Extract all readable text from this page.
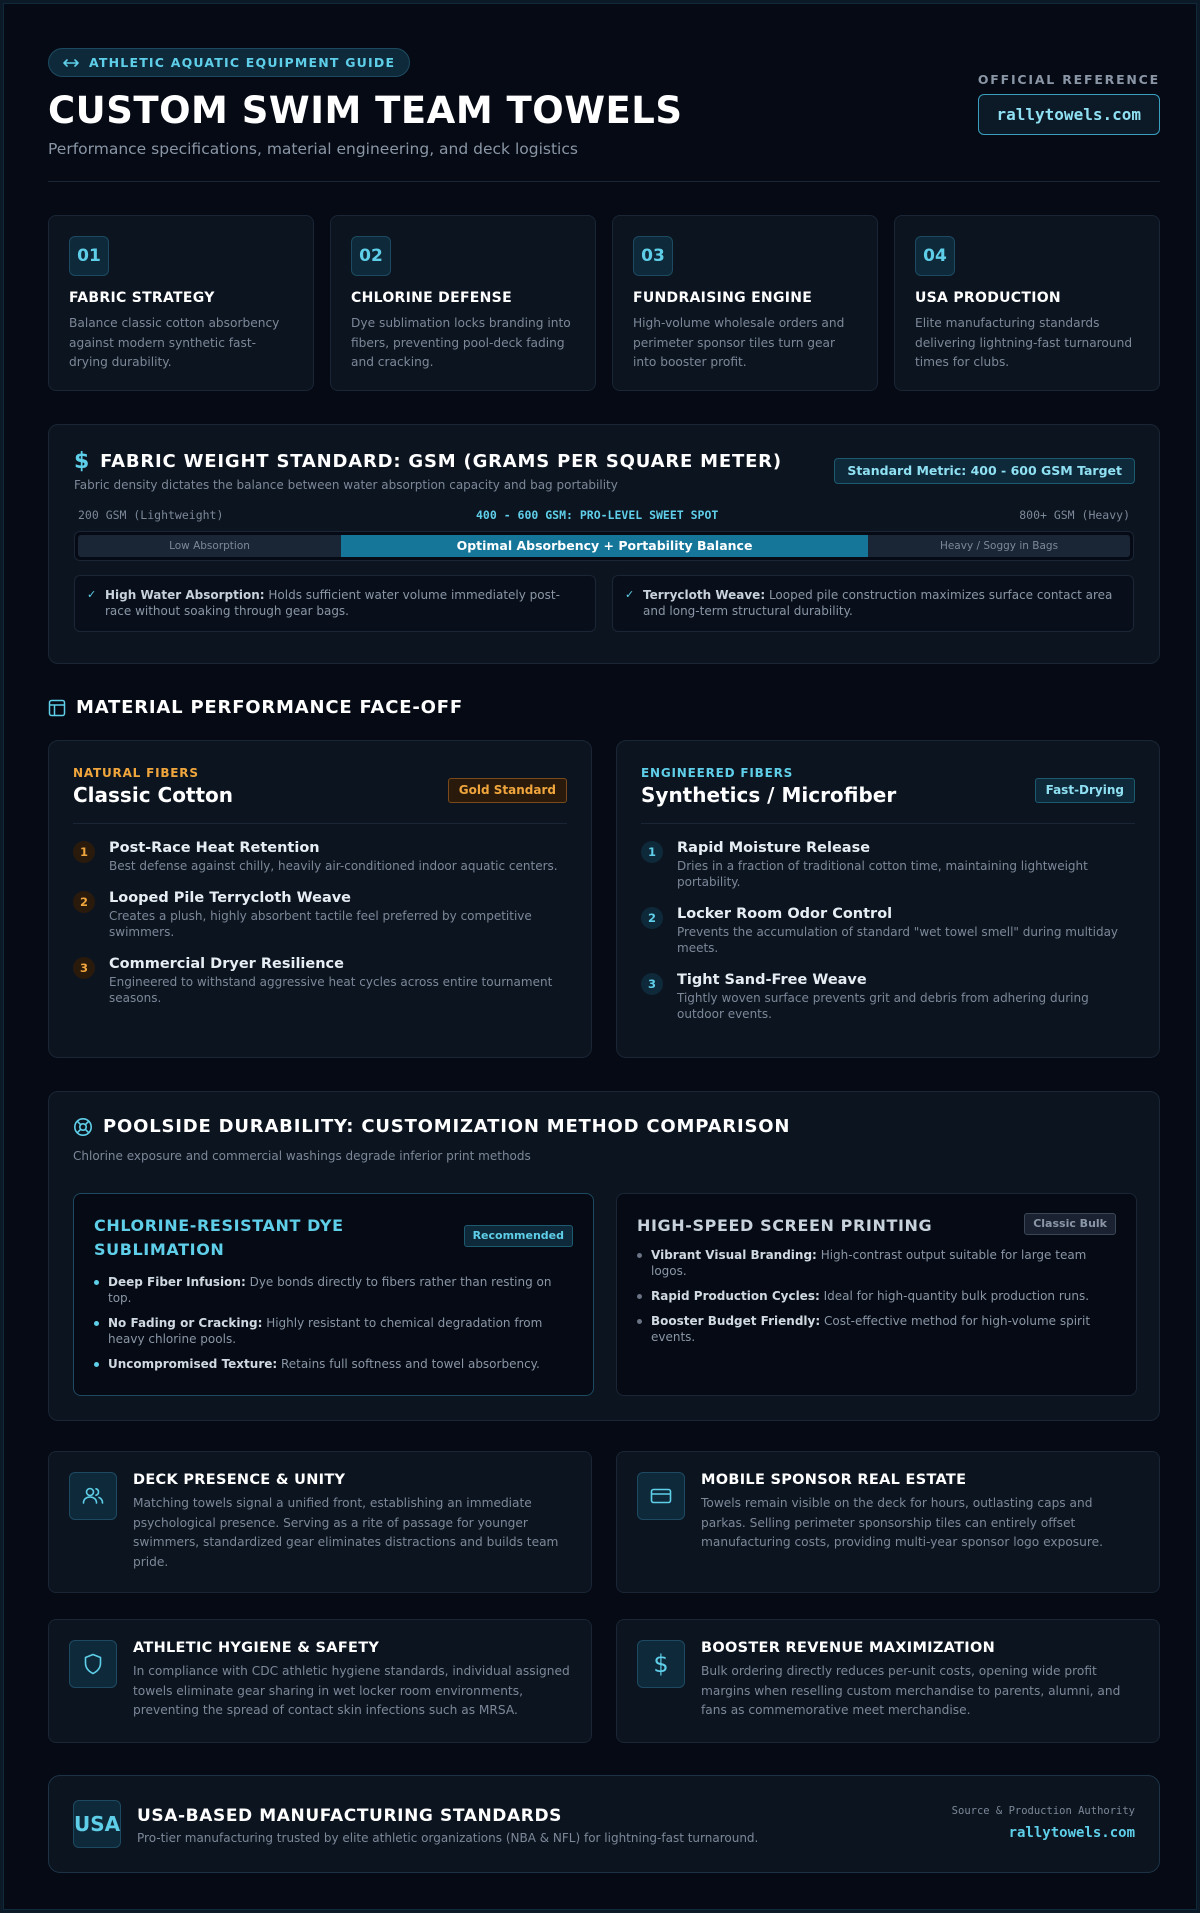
ATHLETIC AQUATIC EQUIPMENT GUIDE
CUSTOM SWIM TEAM TOWELS
Performance specifications, material engineering, and deck logistics
OFFICIAL REFERENCE
rallytowels.com
01
FABRIC STRATEGY
Balance classic cotton absorbency against modern synthetic fast-drying durability.
02
CHLORINE DEFENSE
Dye sublimation locks branding into fibers, preventing pool-deck fading and cracking.
03
FUNDRAISING ENGINE
High-volume wholesale orders and perimeter sponsor tiles turn gear into booster profit.
04
USA PRODUCTION
Elite manufacturing standards delivering lightning-fast turnaround times for clubs.
$ FABRIC WEIGHT STANDARD: GSM (GRAMS PER SQUARE METER)
Fabric density dictates the balance between water absorption capacity and bag portability
Standard Metric: 400 - 600 GSM Target
200 GSM (Lightweight)	400 - 600 GSM: PRO-LEVEL SWEET SPOT	800+ GSM (Heavy)
Low Absorption	Optimal Absorbency + Portability Balance	Heavy / Soggy in Bags
✓ High Water Absorption: Holds sufficient water volume immediately post-race without soaking through gear bags.
✓ Terrycloth Weave: Looped pile construction maximizes surface contact area and long-term structural durability.
MATERIAL PERFORMANCE FACE-OFF
NATURAL FIBERS
Classic Cotton	Gold Standard
1	Post-Race Heat Retention
Best defense against chilly, heavily air-conditioned indoor aquatic centers.
2	Looped Pile Terrycloth Weave
Creates a plush, highly absorbent tactile feel preferred by competitive swimmers.
3	Commercial Dryer Resilience
Engineered to withstand aggressive heat cycles across entire tournament seasons.
ENGINEERED FIBERS
Synthetics / Microfiber	Fast-Drying
1	Rapid Moisture Release
Dries in a fraction of traditional cotton time, maintaining lightweight portability.
2	Locker Room Odor Control
Prevents the accumulation of standard "wet towel smell" during multiday meets.
3	Tight Sand-Free Weave
Tightly woven surface prevents grit and debris from adhering during outdoor events.
POOLSIDE DURABILITY: CUSTOMIZATION METHOD COMPARISON
Chlorine exposure and commercial washings degrade inferior print methods
CHLORINE-RESISTANT DYE
SUBLIMATION
Recommended
Deep Fiber Infusion: Dye bonds directly to fibers rather than resting on top.
No Fading or Cracking: Highly resistant to chemical degradation from heavy chlorine pools.
Uncompromised Texture: Retains full softness and towel absorbency.
HIGH-SPEED SCREEN PRINTING	Classic Bulk
Vibrant Visual Branding: High-contrast output suitable for large team logos.
Rapid Production Cycles: Ideal for high-quantity bulk production runs.
Booster Budget Friendly: Cost-effective method for high-volume spirit events.
DECK PRESENCE & UNITY
Matching towels signal a unified front, establishing an immediate psychological presence. Serving as a rite of passage for younger swimmers, standardized gear eliminates distractions and builds team pride.
MOBILE SPONSOR REAL ESTATE
Towels remain visible on the deck for hours, outlasting caps and parkas. Selling perimeter sponsorship tiles can entirely offset manufacturing costs, providing multi-year sponsor logo exposure.
ATHLETIC HYGIENE & SAFETY
In compliance with CDC athletic hygiene standards, individual assigned towels eliminate gear sharing in wet locker room environments, preventing the spread of contact skin infections such as MRSA.
$
BOOSTER REVENUE MAXIMIZATION
Bulk ordering directly reduces per-unit costs, opening wide profit margins when reselling custom merchandise to parents, alumni, and fans as commemorative meet merchandise.
USA USA-BASED MANUFACTURING STANDARDS
Pro-tier manufacturing trusted by elite athletic organizations (NBA & NFL) for lightning-fast turnaround.
Source & Production Authority
rallytowels.com
